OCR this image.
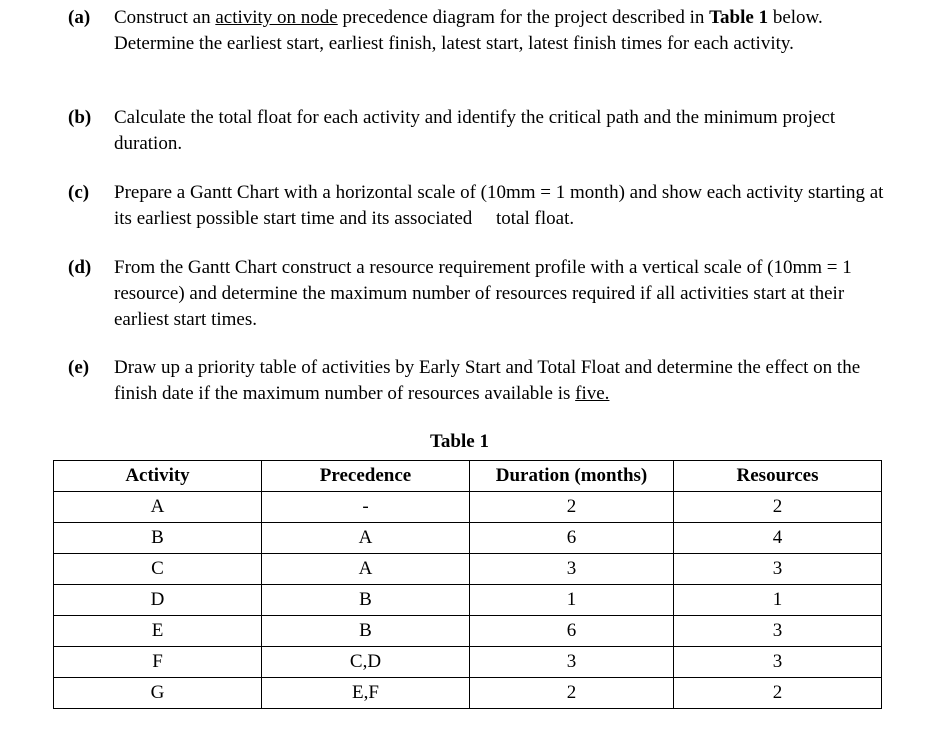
(a)	Construct an activity on node precedence diagram for the project described in Table 1 below. Determine the earliest start, earliest finish, latest start, latest finish times for each activity.
(b)	Calculate the total float for each activity and identify the critical path and the minimum project duration.
(c)	Prepare a Gantt Chart with a horizontal scale of (10mm = 1 month) and show each activity starting at its earliest possible start time and its associated     total float.
(d)	From the Gantt Chart construct a resource requirement profile with a vertical scale of (10mm = 1 resource) and determine the maximum number of resources required if all activities start at their earliest start times.
(e)	Draw up a priority table of activities by Early Start and Total Float and determine the effect on the finish date if the maximum number of resources available is five.
Table 1
Activity	Precedence	Duration (months)	Resources
A	-	2	2
B	A	6	4
C	A	3	3
D	B	1	1
E	B	6	3
F	C,D	3	3
G	E,F	2	2
